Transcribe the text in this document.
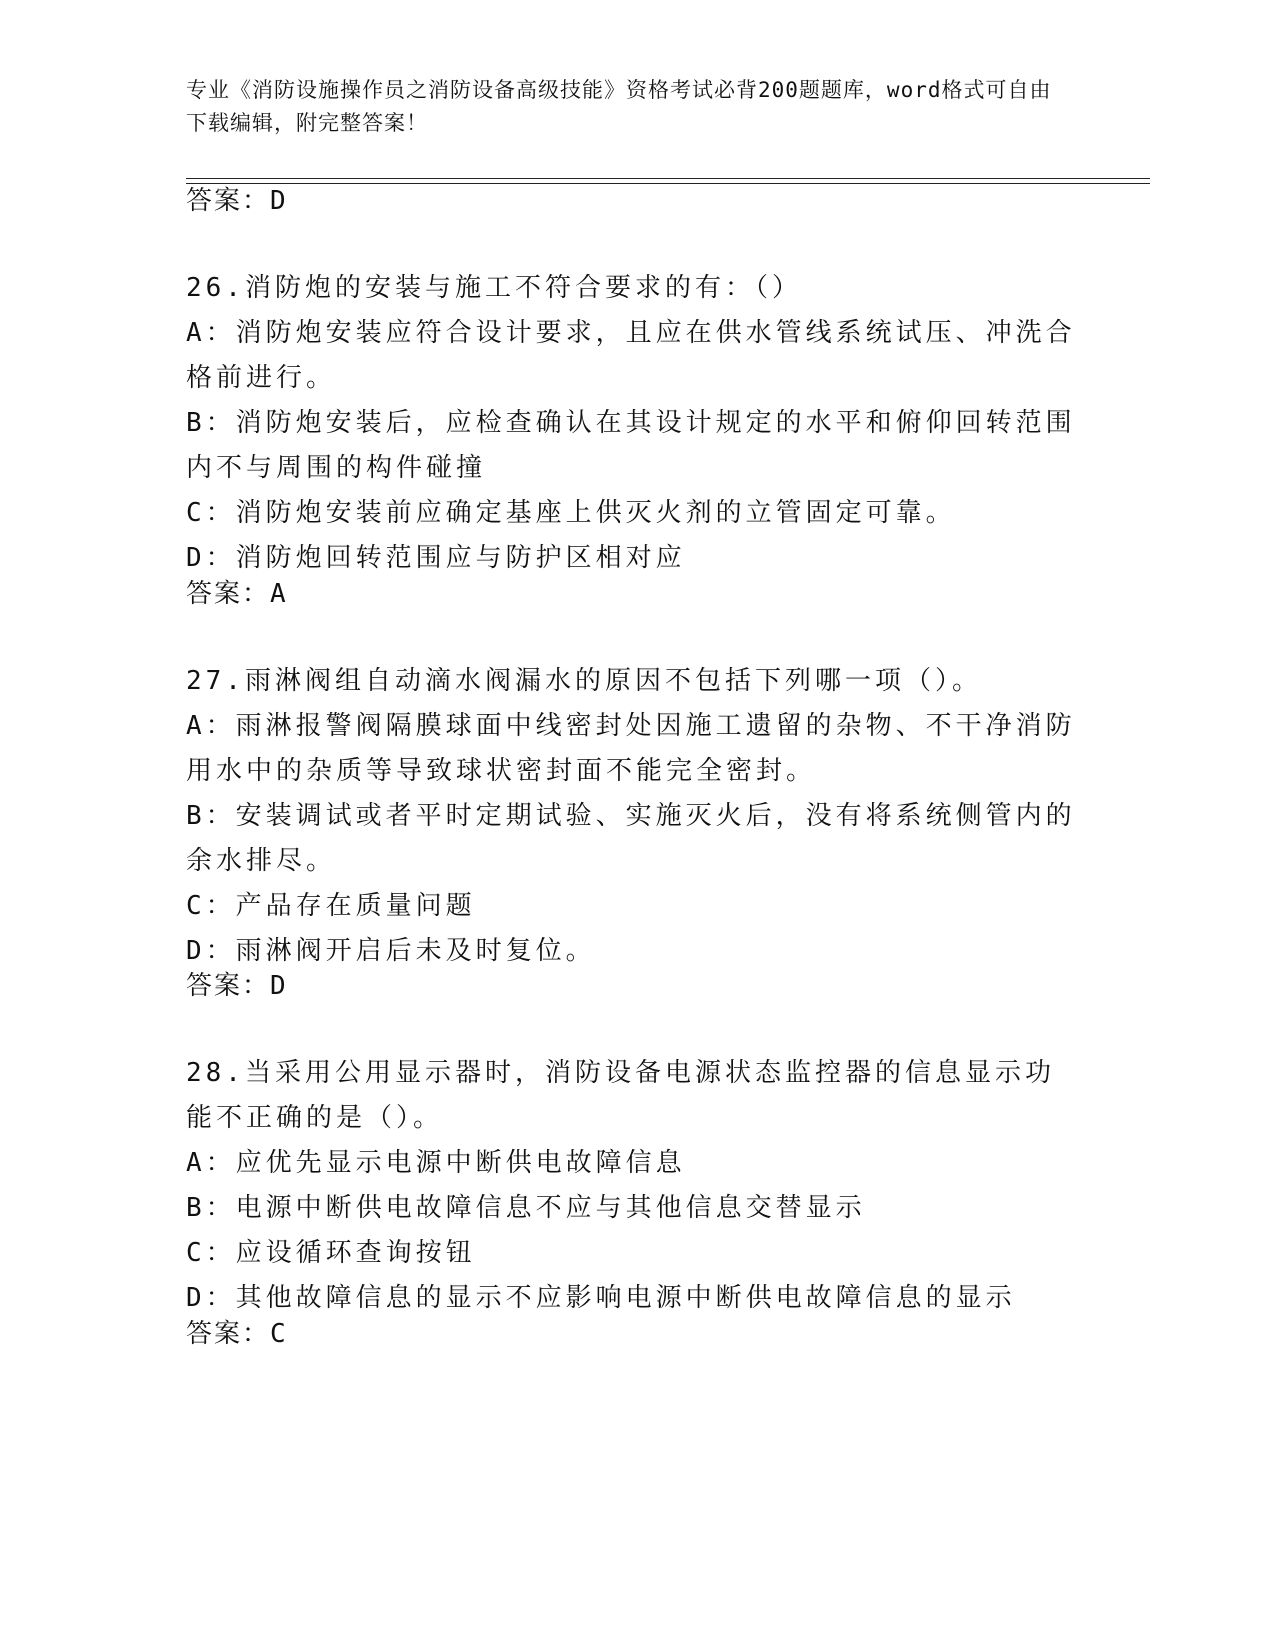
专业《消防设施操作员之消防设备高级技能》资格考试必背200题题库，word格式可自由下载编辑，附完整答案！
答案：D
26.消防炮的安装与施工不符合要求的有：（）
A：消防炮安装应符合设计要求，且应在供水管线系统试压、冲洗合格前进行。
B：消防炮安装后，应检查确认在其设计规定的水平和俯仰回转范围内不与周围的构件碰撞
C：消防炮安装前应确定基座上供灭火剂的立管固定可靠。
D：消防炮回转范围应与防护区相对应
答案：A
27.雨淋阀组自动滴水阀漏水的原因不包括下列哪一项（）。
A：雨淋报警阀隔膜球面中线密封处因施工遗留的杂物、不干净消防用水中的杂质等导致球状密封面不能完全密封。
B：安装调试或者平时定期试验、实施灭火后，没有将系统侧管内的余水排尽。
C：产品存在质量问题
D：雨淋阀开启后未及时复位。
答案：D
28.当采用公用显示器时，消防设备电源状态监控器的信息显示功能不正确的是（）。
A：应优先显示电源中断供电故障信息
B：电源中断供电故障信息不应与其他信息交替显示
C：应设循环查询按钮
D：其他故障信息的显示不应影响电源中断供电故障信息的显示
答案：C
